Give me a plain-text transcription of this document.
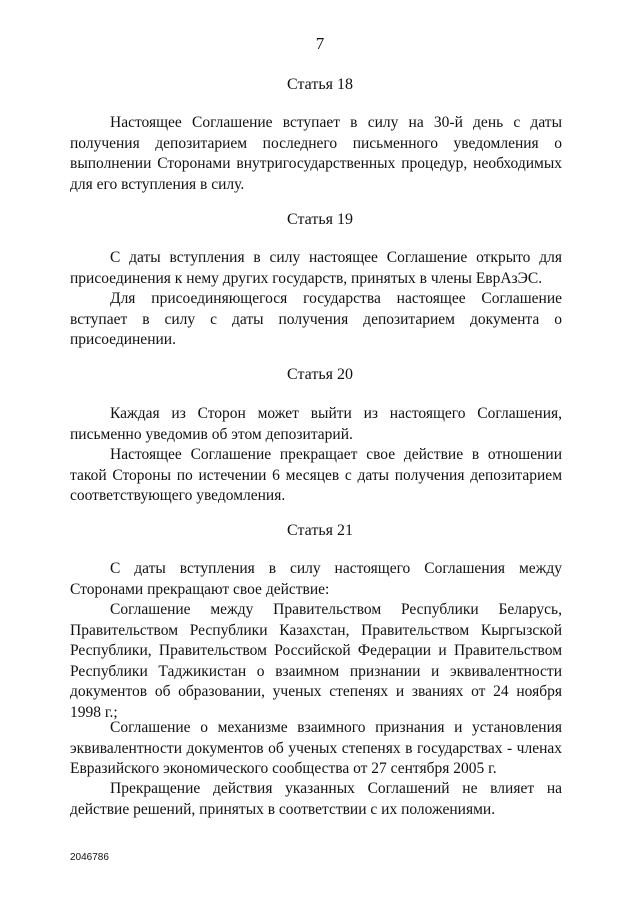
7
Статья 18

Настоящее Соглашение вступает в силу на 30-й день с даты получения депозитарием последнего письменного уведомления о выполнении Сторонами внутригосударственных процедур, необходимых для его вступления в силу.

Статья 19

С даты вступления в силу настоящее Соглашение открыто для присоединения к нему других государств, принятых в члены ЕврАзЭС.

Для присоединяющегося государства настоящее Соглашение вступает в силу с даты получения депозитарием документа о присоединении.

Статья 20

Каждая из Сторон может выйти из настоящего Соглашения, письменно уведомив об этом депозитарий.

Настоящее Соглашение прекращает свое действие в отношении такой Стороны по истечении 6 месяцев с даты получения депозитарием соответствующего уведомления.

Статья 21

С даты вступления в силу настоящего Соглашения между Сторонами прекращают свое действие:

Соглашение между Правительством Республики Беларусь, Правительством Республики Казахстан, Правительством Кыргызской Республики, Правительством Российской Федерации и Правительством Республики Таджикистан о взаимном признании и эквивалентности документов об образовании, ученых степенях и званиях от 24 ноября 1998 г.;

Соглашение о механизме взаимного признания и установления эквивалентности документов об ученых степенях в государствах - членах Евразийского экономического сообщества от 27 сентября 2005 г.

Прекращение действия указанных Соглашений не влияет на действие решений, принятых в соответствии с их положениями.

2046786
